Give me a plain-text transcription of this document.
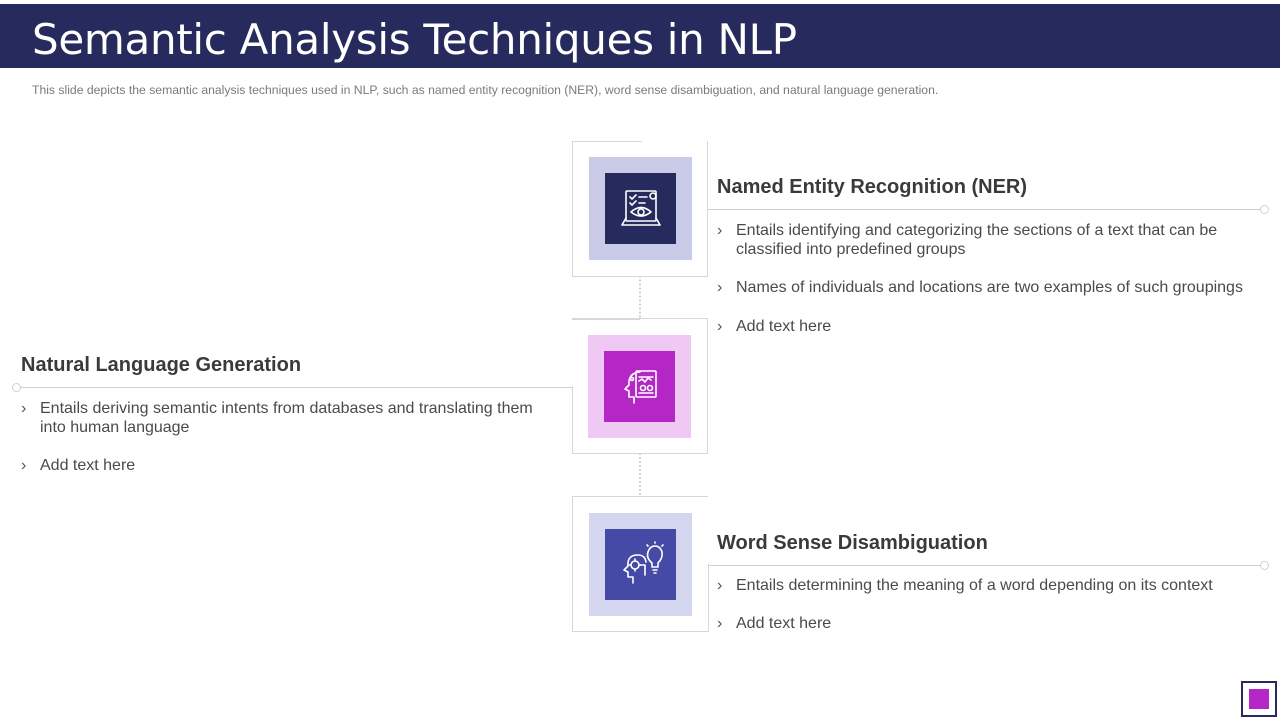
Semantic Analysis Techniques in NLP

This slide depicts the semantic analysis techniques used in NLP, such as named entity recognition (NER), word sense disambiguation, and natural language generation.

Named Entity Recognition (NER)
› Entails identifying and categorizing the sections of a text that can be classified into predefined groups
› Names of individuals and locations are two examples of such groupings
› Add text here
Natural Language Generation
› Entails deriving semantic intents from databases and translating them into human language
› Add text here
Word Sense Disambiguation
› Entails determining the meaning of a word depending on its context
› Add text here
